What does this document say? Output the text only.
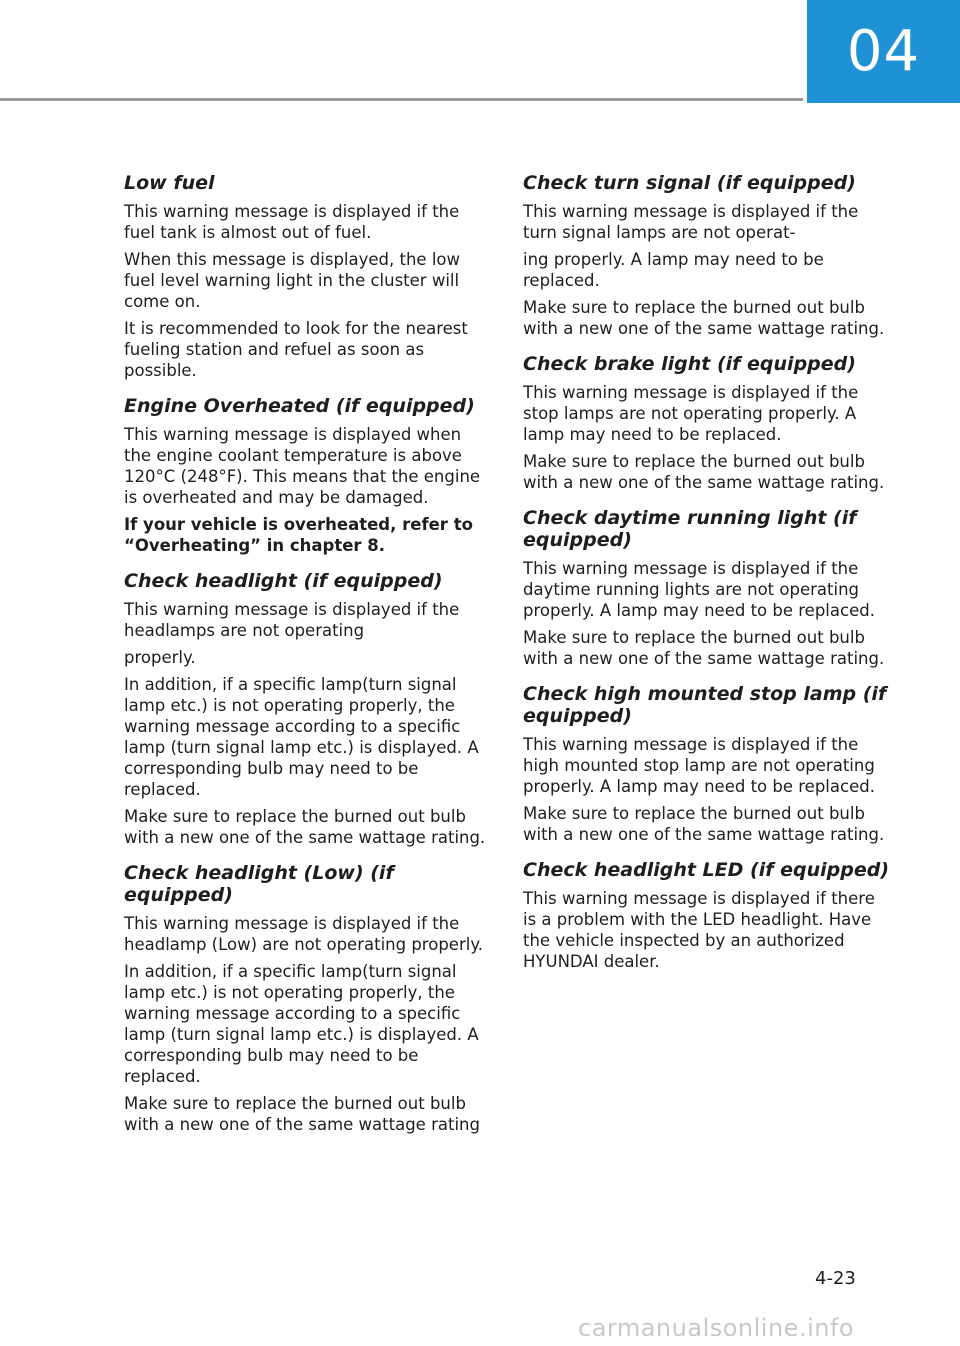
04
Low fuel

This warning message is displayed if the fuel tank is almost out of fuel.

When this message is displayed, the low fuel level warning light in the cluster will come on.

It is recommended to look for the nearest fueling station and refuel as soon as possible.

Engine Overheated (if equipped)

This warning message is displayed when the engine coolant temperature is above 120°C (248°F). This means that the engine is overheated and may be damaged.

If your vehicle is overheated, refer to “Overheating” in chapter 8.

Check headlight (if equipped)

This warning message is displayed if the headlamps are not operating

properly.

In addition, if a specific lamp(turn signal lamp etc.) is not operating properly, the warning message according to a specific lamp (turn signal lamp etc.) is displayed. A corresponding bulb may need to be replaced.

Make sure to replace the burned out bulb with a new one of the same wattage rating.

Check headlight (Low) (if equipped)

This warning message is displayed if the headlamp (Low) are not operating properly.

In addition, if a specific lamp(turn signal lamp etc.) is not operating properly, the warning message according to a specific lamp (turn signal lamp etc.) is displayed. A corresponding bulb may need to be replaced.

Make sure to replace the burned out bulb with a new one of the same wattage rating

Check turn signal (if equipped)

This warning message is displayed if the turn signal lamps are not operat-

ing properly. A lamp may need to be replaced.

Make sure to replace the burned out bulb with a new one of the same wattage rating.

Check brake light (if equipped)

This warning message is displayed if the stop lamps are not operating properly. A lamp may need to be replaced.

Make sure to replace the burned out bulb with a new one of the same wattage rating.

Check daytime running light (if equipped)

This warning message is displayed if the daytime running lights are not operating properly. A lamp may need to be replaced.

Make sure to replace the burned out bulb with a new one of the same wattage rating.

Check high mounted stop lamp (if equipped)

This warning message is displayed if the high mounted stop lamp are not operating properly. A lamp may need to be replaced.

Make sure to replace the burned out bulb with a new one of the same wattage rating.

Check headlight LED (if equipped)

This warning message is displayed if there is a problem with the LED headlight. Have the vehicle inspected by an authorized HYUNDAI dealer.

4-23
carmanualsonline.info
